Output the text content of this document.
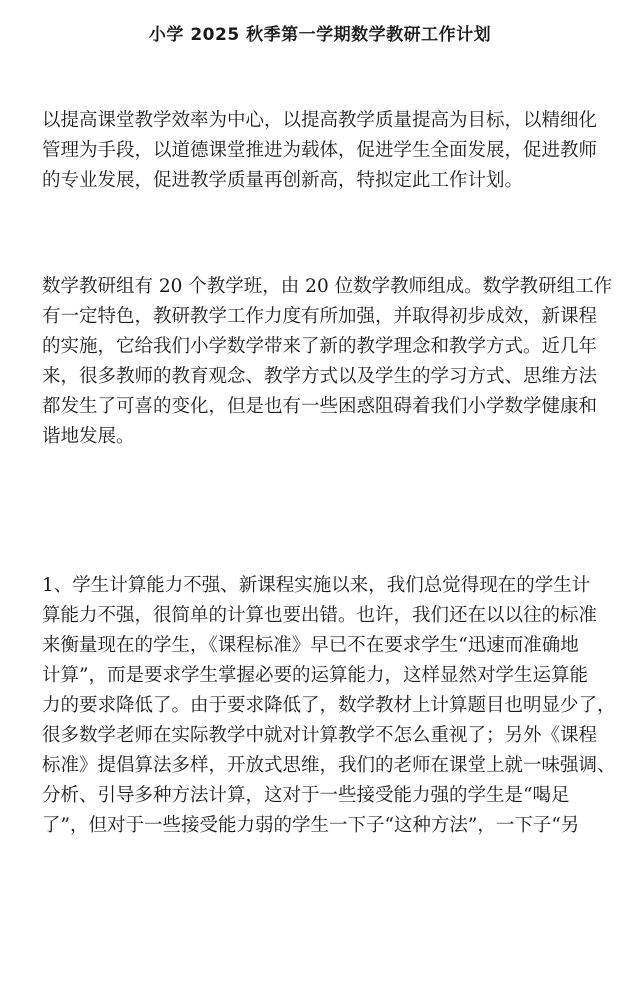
小学 2025 秋季第一学期数学教研工作计划
以提高课堂教学效率为中心，以提高教学质量提高为目标，以精细化
管理为手段，以道德课堂推进为载体，促进学生全面发展，促进教师
的专业发展，促进教学质量再创新高，特拟定此工作计划。
数学教研组有 20 个教学班，由 20 位数学教师组成。数学教研组工作
有一定特色，教研教学工作力度有所加强，并取得初步成效，新课程
的实施，它给我们小学数学带来了新的教学理念和教学方式。近几年
来，很多教师的教育观念、教学方式以及学生的学习方式、思维方法
都发生了可喜的变化，但是也有一些困惑阻碍着我们小学数学健康和
谐地发展。
1、学生计算能力不强、新课程实施以来，我们总觉得现在的学生计
算能力不强，很简单的计算也要出错。也许，我们还在以以往的标准
来衡量现在的学生，《课程标准》早已不在要求学生“迅速而准确地
计算”，而是要求学生掌握必要的运算能力，这样显然对学生运算能
力的要求降低了。由于要求降低了，数学教材上计算题目也明显少了，
很多数学老师在实际教学中就对计算教学不怎么重视了；另外《课程
标准》提倡算法多样，开放式思维，我们的老师在课堂上就一味强调、
分析、引导多种方法计算，这对于一些接受能力强的学生是“喝足
了”，但对于一些接受能力弱的学生一下子“这种方法”，一下子“另
